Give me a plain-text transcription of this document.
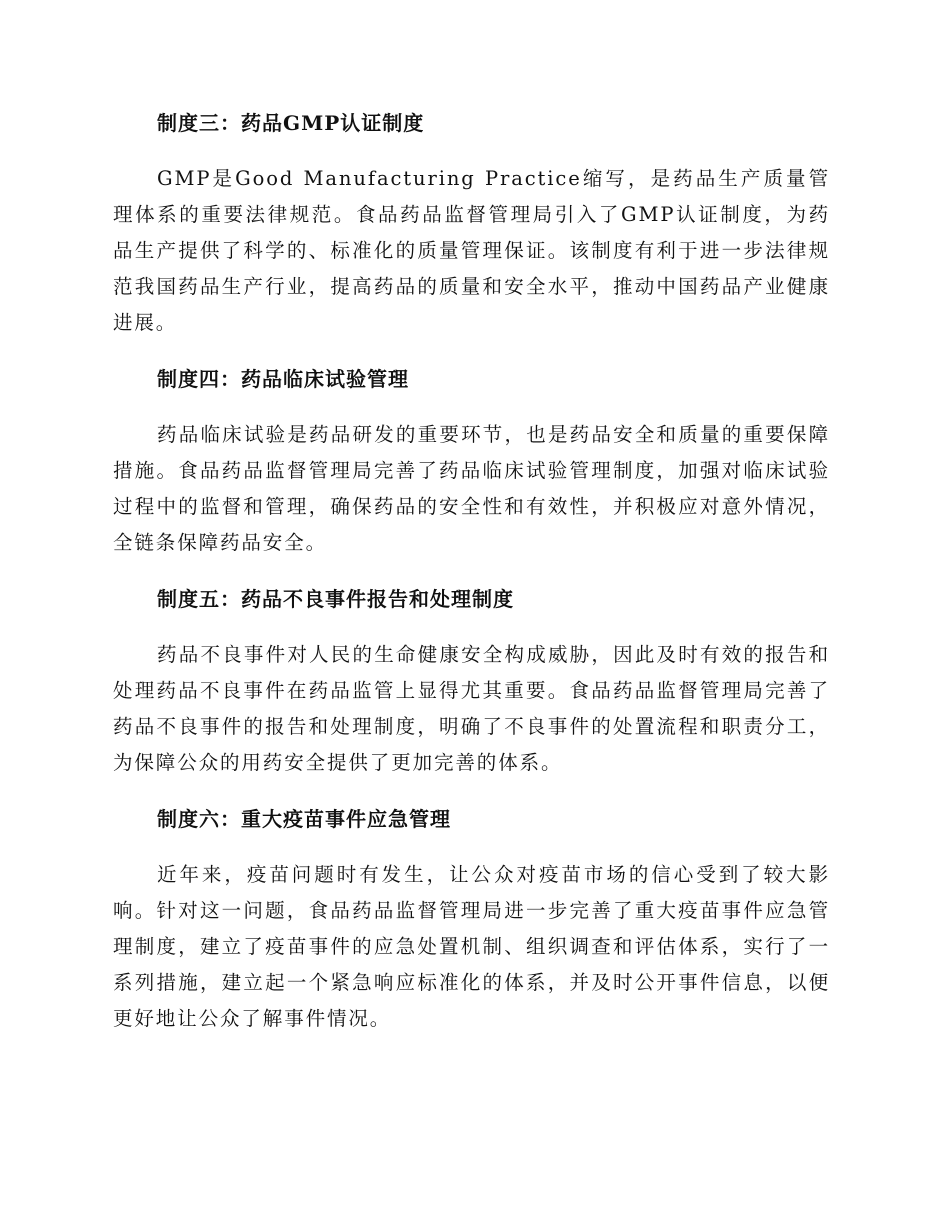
制度三：药品GMP认证制度

GMP是Good Manufacturing Practice缩写，是药品生产质量管理体系的重要法律规范。食品药品监督管理局引入了GMP认证制度，为药品生产提供了科学的、标准化的质量管理保证。该制度有利于进一步法律规范我国药品生产行业，提高药品的质量和安全水平，推动中国药品产业健康进展。

制度四：药品临床试验管理

药品临床试验是药品研发的重要环节，也是药品安全和质量的重要保障措施。食品药品监督管理局完善了药品临床试验管理制度，加强对临床试验过程中的监督和管理，确保药品的安全性和有效性，并积极应对意外情况，全链条保障药品安全。

制度五：药品不良事件报告和处理制度

药品不良事件对人民的生命健康安全构成威胁，因此及时有效的报告和处理药品不良事件在药品监管上显得尤其重要。食品药品监督管理局完善了药品不良事件的报告和处理制度，明确了不良事件的处置流程和职责分工，为保障公众的用药安全提供了更加完善的体系。

制度六：重大疫苗事件应急管理

近年来，疫苗问题时有发生，让公众对疫苗市场的信心受到了较大影响。针对这一问题，食品药品监督管理局进一步完善了重大疫苗事件应急管理制度，建立了疫苗事件的应急处置机制、组织调查和评估体系，实行了一系列措施，建立起一个紧急响应标准化的体系，并及时公开事件信息，以便更好地让公众了解事件情况。
